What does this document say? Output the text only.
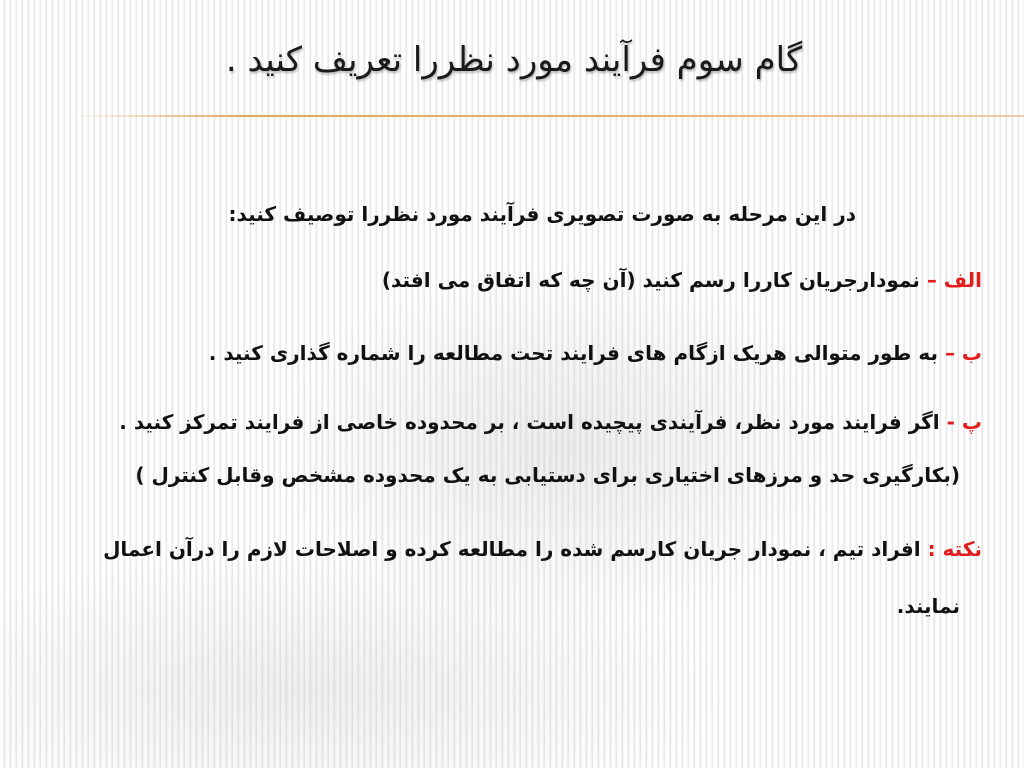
گام سوم فرآیند مورد نظررا تعریف کنید .

در این مرحله به صورت تصویری فرآیند مورد نظررا توصیف کنید:

الف – نمودارجریان کاررا رسم کنید (آن چه که اتفاق می افتد)

ب – به طور متوالی هریک ازگام های فرایند تحت مطالعه را شماره گذاری کنید .

پ - اگر فرایند مورد نظر، فرآیندی پیچیده است ، بر محدوده خاصی از فرایند تمرکز کنید .

(بکارگیری حد و مرزهای اختیاری برای دستیابی به یک محدوده مشخص وقابل کنترل )

نکته : افراد تیم ، نمودار جریان کارسم شده را مطالعه کرده و اصلاحات لازم را درآن اعمال

نمایند.
